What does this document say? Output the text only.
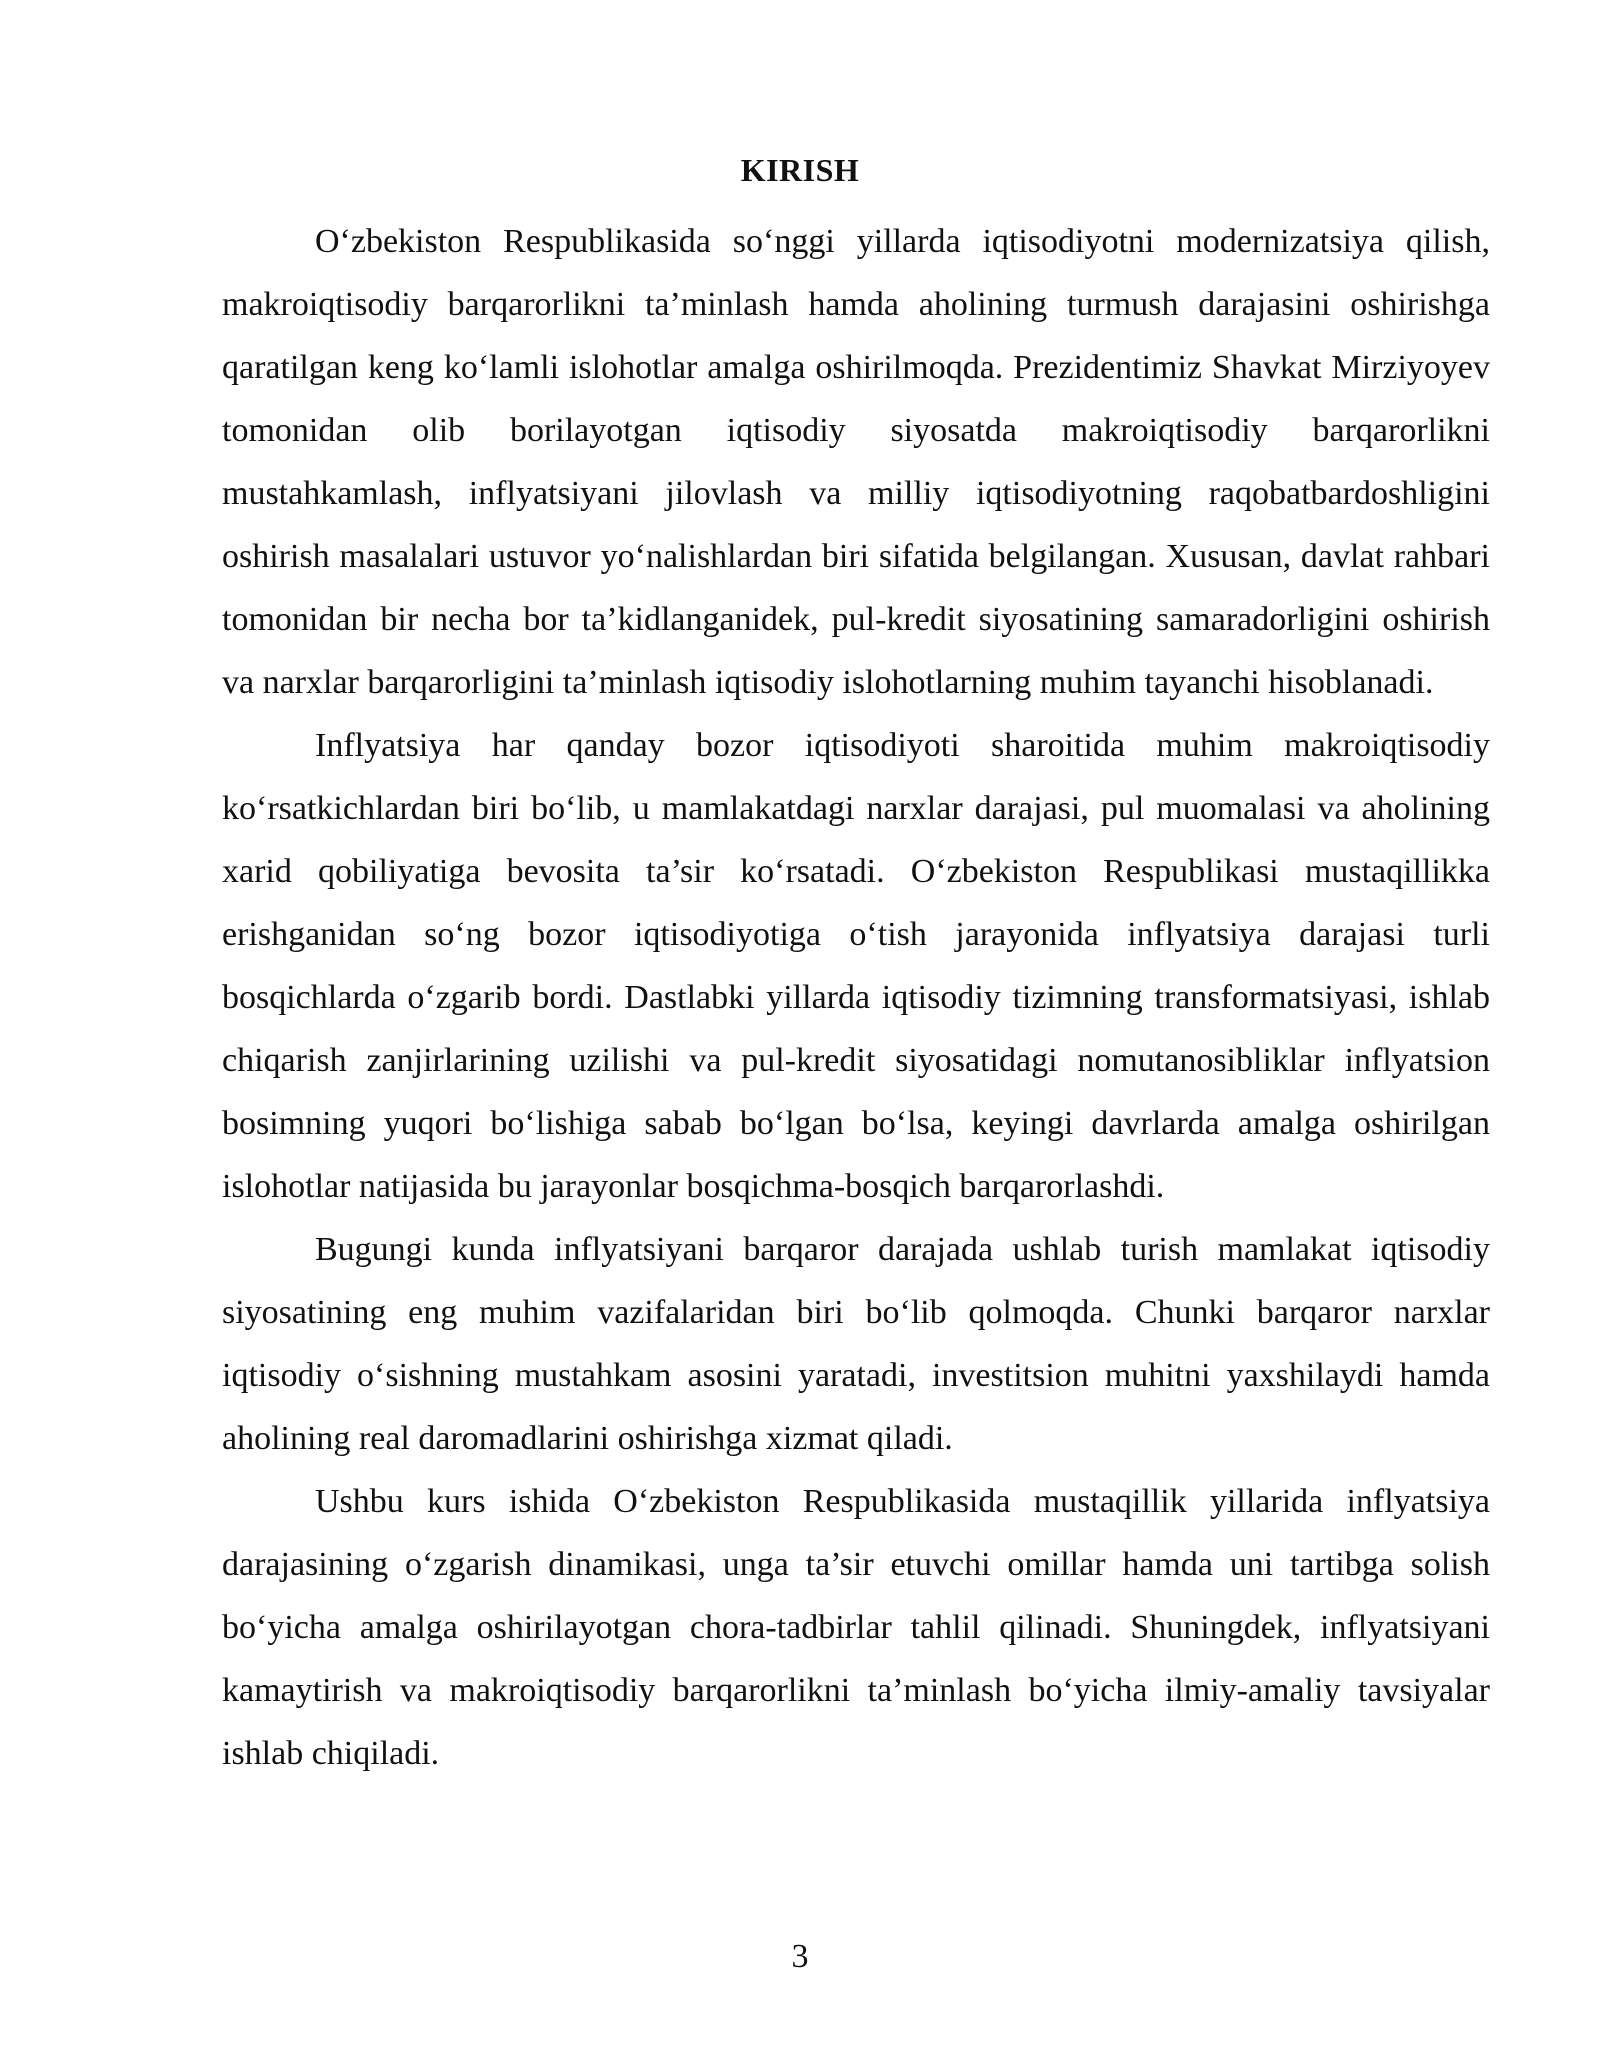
KIRISH

O‘zbekiston Respublikasida so‘nggi yillarda iqtisodiyotni modernizatsiya qilish, makroiqtisodiy barqarorlikni ta’minlash hamda aholining turmush darajasini oshirishga qaratilgan keng ko‘lamli islohotlar amalga oshirilmoqda. Prezidentimiz Shavkat Mirziyoyev tomonidan olib borilayotgan iqtisodiy siyosatda makroiqtisodiy barqarorlikni mustahkamlash, inflyatsiyani jilovlash va milliy iqtisodiyotning raqobatbardoshligini oshirish masalalari ustuvor yo‘nalishlardan biri sifatida belgilangan. Xususan, davlat rahbari tomonidan bir necha bor ta’kidlanganidek, pul-kredit siyosatining samaradorligini oshirish va narxlar barqarorligini ta’minlash iqtisodiy islohotlarning muhim tayanchi hisoblanadi.

Inflyatsiya har qanday bozor iqtisodiyoti sharoitida muhim makroiqtisodiy ko‘rsatkichlardan biri bo‘lib, u mamlakatdagi narxlar darajasi, pul muomalasi va aholining xarid qobiliyatiga bevosita ta’sir ko‘rsatadi. O‘zbekiston Respublikasi mustaqillikka erishganidan so‘ng bozor iqtisodiyotiga o‘tish jarayonida inflyatsiya darajasi turli bosqichlarda o‘zgarib bordi. Dastlabki yillarda iqtisodiy tizimning transformatsiyasi, ishlab chiqarish zanjirlarining uzilishi va pul-kredit siyosatidagi nomutanosibliklar inflyatsion bosimning yuqori bo‘lishiga sabab bo‘lgan bo‘lsa, keyingi davrlarda amalga oshirilgan islohotlar natijasida bu jarayonlar bosqichma-bosqich barqarorlashdi.

Bugungi kunda inflyatsiyani barqaror darajada ushlab turish mamlakat iqtisodiy siyosatining eng muhim vazifalaridan biri bo‘lib qolmoqda. Chunki barqaror narxlar iqtisodiy o‘sishning mustahkam asosini yaratadi, investitsion muhitni yaxshilaydi hamda aholining real daromadlarini oshirishga xizmat qiladi.

Ushbu kurs ishida O‘zbekiston Respublikasida mustaqillik yillarida inflyatsiya darajasining o‘zgarish dinamikasi, unga ta’sir etuvchi omillar hamda uni tartibga solish bo‘yicha amalga oshirilayotgan chora-tadbirlar tahlil qilinadi. Shuningdek, inflyatsiyani kamaytirish va makroiqtisodiy barqarorlikni ta’minlash bo‘yicha ilmiy-amaliy tavsiyalar ishlab chiqiladi.

3
